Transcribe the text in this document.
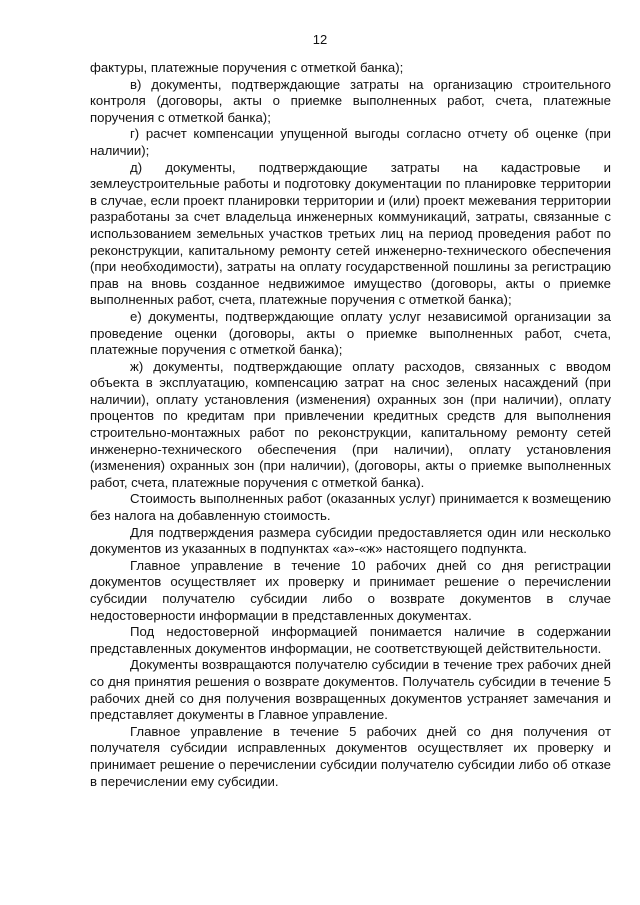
12

фактуры, платежные поручения с отметкой банка);

в) документы, подтверждающие затраты на организацию строительного контроля (договоры, акты о приемке выполненных работ, счета, платежные поручения с отметкой банка);

г) расчет компенсации упущенной выгоды согласно отчету об оценке (при наличии);

д) документы, подтверждающие затраты на кадастровые и землеустроительные работы и подготовку документации по планировке территории в случае, если проект планировки территории и (или) проект межевания территории разработаны за счет владельца инженерных коммуникаций, затраты, связанные с использованием земельных участков третьих лиц на период проведения работ по реконструкции, капитальному ремонту сетей инженерно-технического обеспечения (при необходимости), затраты на оплату государственной пошлины за регистрацию прав на вновь созданное недвижимое имущество (договоры, акты о приемке выполненных работ, счета, платежные поручения с отметкой банка);

е) документы, подтверждающие оплату услуг независимой организации за проведение оценки (договоры, акты о приемке выполненных работ, счета, платежные поручения с отметкой банка);

ж) документы, подтверждающие оплату расходов, связанных с вводом объекта в эксплуатацию, компенсацию затрат на снос зеленых насаждений (при наличии), оплату установления (изменения) охранных зон (при наличии), оплату процентов по кредитам при привлечении кредитных средств для выполнения строительно-монтажных работ по реконструкции, капитальному ремонту сетей инженерно-технического обеспечения (при наличии), оплату установления (изменения) охранных зон (при наличии), (договоры, акты о приемке выполненных работ, счета, платежные поручения с отметкой банка).

Стоимость выполненных работ (оказанных услуг) принимается к возмещению без налога на добавленную стоимость.

Для подтверждения размера субсидии предоставляется один или несколько документов из указанных в подпунктах «а»-«ж» настоящего подпункта.

Главное управление в течение 10 рабочих дней со дня регистрации документов осуществляет их проверку и принимает решение о перечислении субсидии получателю субсидии либо о возврате документов в случае недостоверности информации в представленных документах.

Под недостоверной информацией понимается наличие в содержании представленных документов информации, не соответствующей действительности.

Документы возвращаются получателю субсидии в течение трех рабочих дней со дня принятия решения о возврате документов. Получатель субсидии в течение 5 рабочих дней со дня получения возвращенных документов устраняет замечания и представляет документы в Главное управление.

Главное управление в течение 5 рабочих дней со дня получения от получателя субсидии исправленных документов осуществляет их проверку и принимает решение о перечислении субсидии получателю субсидии либо об отказе в перечислении ему субсидии.
